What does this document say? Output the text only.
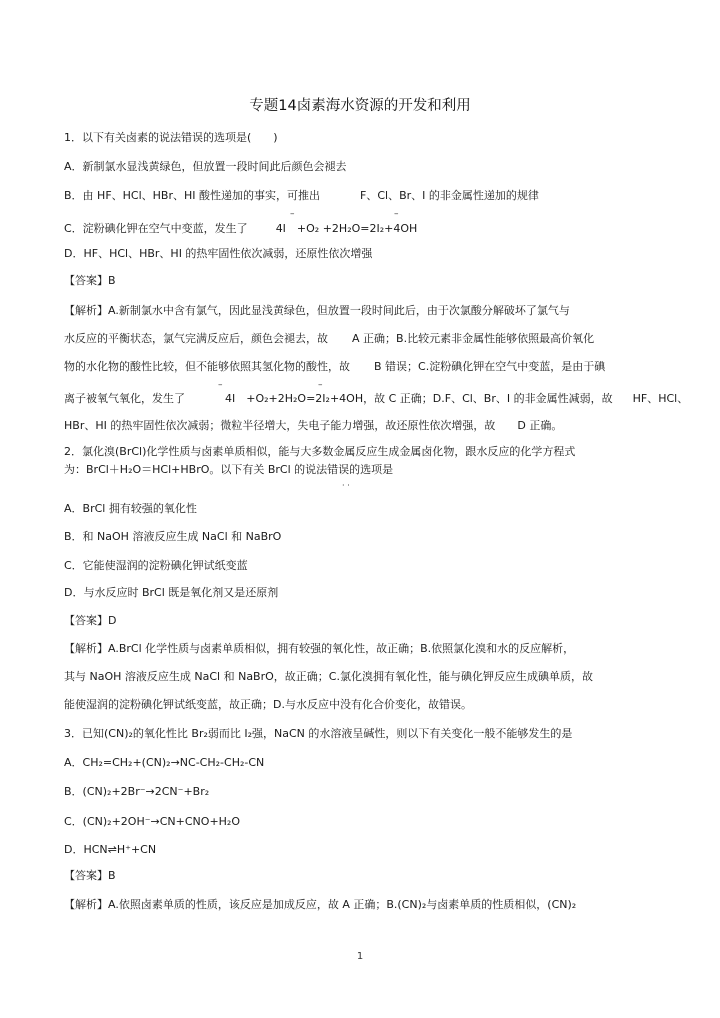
专题14卤素海水资源的开发和利用
1．以下有关卤素的说法错误的选项是(　　)
A．新制氯水显浅黄绿色，但放置一段时间此后颜色会褪去
B．由 HF、HCl、HBr、HI 酸性递加的事实，可推出	F、Cl、Br、I 的非金属性递加的规律
–	–
C．淀粉碘化钾在空气中变蓝，发生了	4I　+O₂ +2H₂O=2I₂+4OH
D．HF、HCl、HBr、HI 的热牢固性依次减弱，还原性依次增强
【答案】B
【解析】A.新制氯水中含有氯气，因此显浅黄绿色，但放置一段时间此后，由于次氯酸分解破坏了氯气与
水反应的平衡状态，氯气完满反应后，颜色会褪去，故 A 正确；B.比较元素非金属性能够依照最高价氧化
物的水化物的酸性比较，但不能够依照其氢化物的酸性，故 B 错误；C.淀粉碘化钾在空气中变蓝，是由于碘
–	–
离子被氧气氧化，发生了	4I　+O₂+2H₂O=2I₂+4OH，故 C 正确；D.F、Cl、Br、I 的非金属性减弱，故 HF、HCl、
HBr、HI 的热牢固性依次减弱；微粒半径增大，失电子能力增强，故还原性依次增强，故 D 正确。
2．氯化溴(BrCl)化学性质与卤素单质相似，能与大多数金属反应生成金属卤化物，跟水反应的化学方程式
为：BrCl＋H₂O＝HCl+HBrO。以下有关 BrCl 的说法错误的选项是
· ·
A．BrCl 拥有较强的氧化性
B．和 NaOH 溶液反应生成 NaCl 和 NaBrO
C．它能使湿润的淀粉碘化钾试纸变蓝
D．与水反应时 BrCl 既是氧化剂又是还原剂
【答案】D
【解析】A.BrCl 化学性质与卤素单质相似，拥有较强的氧化性，故正确；B.依照氯化溴和水的反应解析，
其与 NaOH 溶液反应生成 NaCl 和 NaBrO，故正确；C.氯化溴拥有氧化性，能与碘化钾反应生成碘单质，故
能使湿润的淀粉碘化钾试纸变蓝，故正确；D.与水反应中没有化合价变化，故错误。
3．已知(CN)₂的氧化性比 Br₂弱而比 I₂强，NaCN 的水溶液呈碱性，则以下有关变化一般不能够发生的是
A．CH₂=CH₂+(CN)₂→NC-CH₂-CH₂-CN
B．(CN)₂+2Br⁻→2CN⁻+Br₂
C．(CN)₂+2OH⁻→CN+CNO+H₂O
D．HCN⇌H⁺+CN
【答案】B
【解析】A.依照卤素单质的性质，该反应是加成反应，故 A 正确；B.(CN)₂与卤素单质的性质相似，(CN)₂
1
